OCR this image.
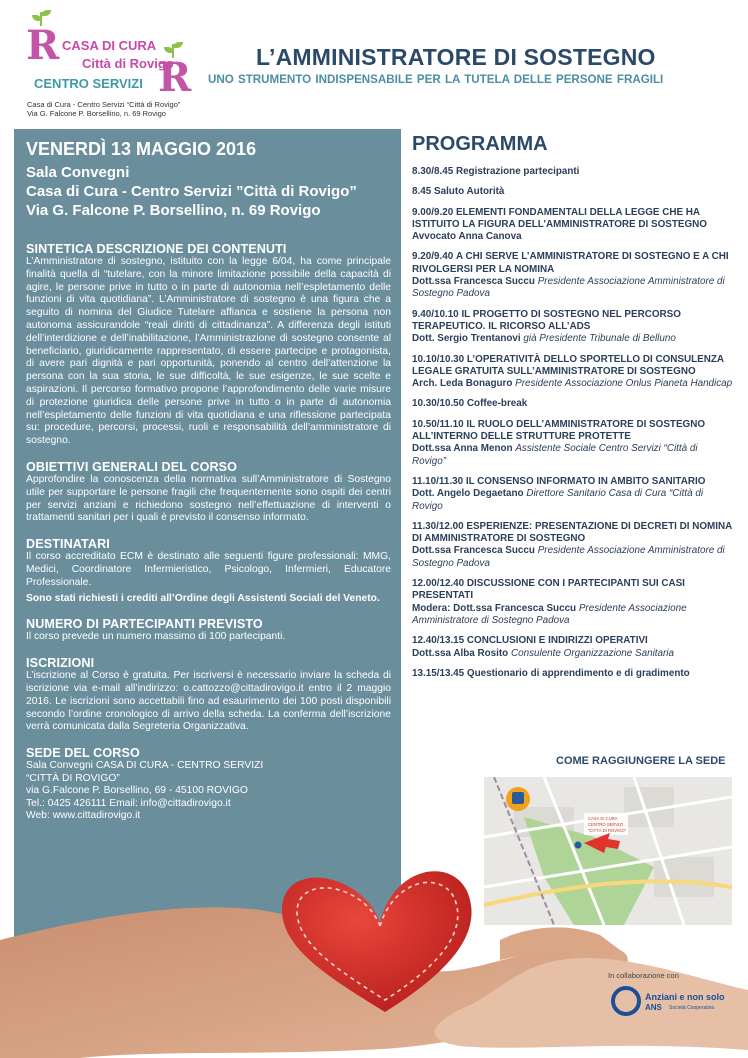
R
R
CASA DI CURA
Città di Rovigo
CENTRO SERVIZI
Casa di Cura - Centro Servizi “Città di Rovigo”
Via G. Falcone P. Borsellino, n. 69 Rovigo
L’AMMINISTRATORE DI SOSTEGNO
UNO STRUMENTO INDISPENSABILE PER LA TUTELA DELLE PERSONE FRAGILI
VENERDÌ 13 MAGGIO 2016
Sala Convegni
Casa di Cura - Centro Servizi ”Città di Rovigo”
Via G. Falcone P. Borsellino, n. 69 Rovigo
SINTETICA DESCRIZIONE DEI CONTENUTI
L’Amministratore di sostegno, istituito con la legge 6/04, ha come principale finalità quella di “tutelare, con la minore limitazione possibile della capacità di agire, le persone prive in tutto o in parte di autonomia nell’espletamento delle funzioni di vita quotidiana”. L’Amministratore di sostegno è una figura che a seguito di nomina del Giudice Tutelare affianca e sostiene la persona non autonoma assicurandole “reali diritti di cittadinanza”. A differenza degli istituti dell’interdizione e dell’inabilitazione, l’Amministrazione di sostegno consente al beneficiario, giuridicamente rappresentato, di essere partecipe e protagonista, di avere pari dignità e pari opportunità, ponendo al centro dell’attenzione la persona con la sua storia, le sue difficoltà, le sue esigenze, le sue scelte e aspirazioni. Il percorso formativo propone l’approfondimento delle varie misure di protezione giuridica delle persone prive in tutto o in parte di autonomia nell’espletamento delle funzioni di vita quotidiana e una riflessione partecipata su: procedure, percorsi, processi, ruoli e responsabilità dell’amministratore di sostegno.
OBIETTIVI GENERALI DEL CORSO
Approfondire la conoscenza della normativa sull’Amministratore di Sostegno utile per supportare le persone fragili che frequentemente sono ospiti dei centri per servizi anziani e richiedono sostegno nell’effettuazione di interventi o trattamenti sanitari per i quali è previsto il consenso informato.
DESTINATARI
Il corso accreditato ECM è destinato alle seguenti figure professionali: MMG, Medici, Coordinatore Infermieristico, Psicologo, Infermieri, Educatore Professionale.
Sono stati richiesti i crediti all’Ordine degli Assistenti Sociali del Veneto.
NUMERO DI PARTECIPANTI PREVISTO
Il corso prevede un numero massimo di 100 partecipanti.
ISCRIZIONI
L’iscrizione al Corso è gratuita. Per iscriversi è necessario inviare la scheda di iscrizione via e-mail all’indirizzo: o.cattozzo@cittadirovigo.it entro il 2 maggio 2016. Le iscrizioni sono accettabili fino ad esaurimento dei 100 posti disponibili secondo l’ordine cronologico di arrivo della scheda. La conferma dell’iscrizione verrà comunicata dalla Segreteria Organizzativa.
SEDE DEL CORSO
Sala Convegni CASA DI CURA - CENTRO SERVIZI
“CITTÀ DI ROVIGO”
via G.Falcone P. Borsellino, 69 - 45100 ROVIGO
Tel.: 0425 426111 Email: info@cittadirovigo.it
Web: www.cittadirovigo.it
PROGRAMMA
8.30/8.45 Registrazione partecipanti
8.45 Saluto Autorità
9.00/9.20 ELEMENTI FONDAMENTALI DELLA LEGGE CHE HA ISTITUITO LA FIGURA DELL’AMMINISTRATORE DI SOSTEGNO
Avvocato Anna Canova
9.20/9.40 A CHI SERVE L’AMMINISTRATORE DI SOSTEGNO E A CHI RIVOLGERSI PER LA NOMINA
Dott.ssa Francesca Succu Presidente Associazione Amministratore di Sostegno Padova
9.40/10.10 IL PROGETTO DI SOSTEGNO NEL PERCORSO TERAPEUTICO. IL RICORSO ALL’ADS
Dott. Sergio Trentanovi già Presidente Tribunale di Belluno
10.10/10.30 L’OPERATIVITÀ DELLO SPORTELLO DI CONSULENZA LEGALE GRATUITA SULL’AMMINISTRATORE DI SOSTEGNO
Arch. Leda Bonaguro Presidente Associazione Onlus Pianeta Handicap
10.30/10.50 Coffee-break
10.50/11.10 IL RUOLO DELL’AMMINISTRATORE DI SOSTEGNO ALL’INTERNO DELLE STRUTTURE PROTETTE
Dott.ssa Anna Menon Assistente Sociale Centro Servizi “Città di Rovigo”
11.10/11.30 IL CONSENSO INFORMATO IN AMBITO SANITARIO
Dott. Angelo Degaetano Direttore Sanitario Casa di Cura “Città di Rovigo
11.30/12.00 ESPERIENZE: PRESENTAZIONE DI DECRETI DI NOMINA DI AMMINISTRATORE DI SOSTEGNO
Dott.ssa Francesca Succu Presidente Associazione Amministratore di Sostegno Padova
12.00/12.40 DISCUSSIONE CON I PARTECIPANTI SUI CASI PRESENTATI
Modera: Dott.ssa Francesca Succu Presidente Associazione Amministratore di Sostegno Padova
12.40/13.15 CONCLUSIONI E INDIRIZZI OPERATIVI
Dott.ssa Alba Rosito Consulente Organizzazione Sanitaria
13.15/13.45 Questionario di apprendimento e di gradimento
COME RAGGIUNGERE LA SEDE
CASA DI CURA
CENTRO SERVIZI
“CITTÀ DI ROVIGO”
In collaborazione con
Anziani e non solo
ANS Società Cooperativa
